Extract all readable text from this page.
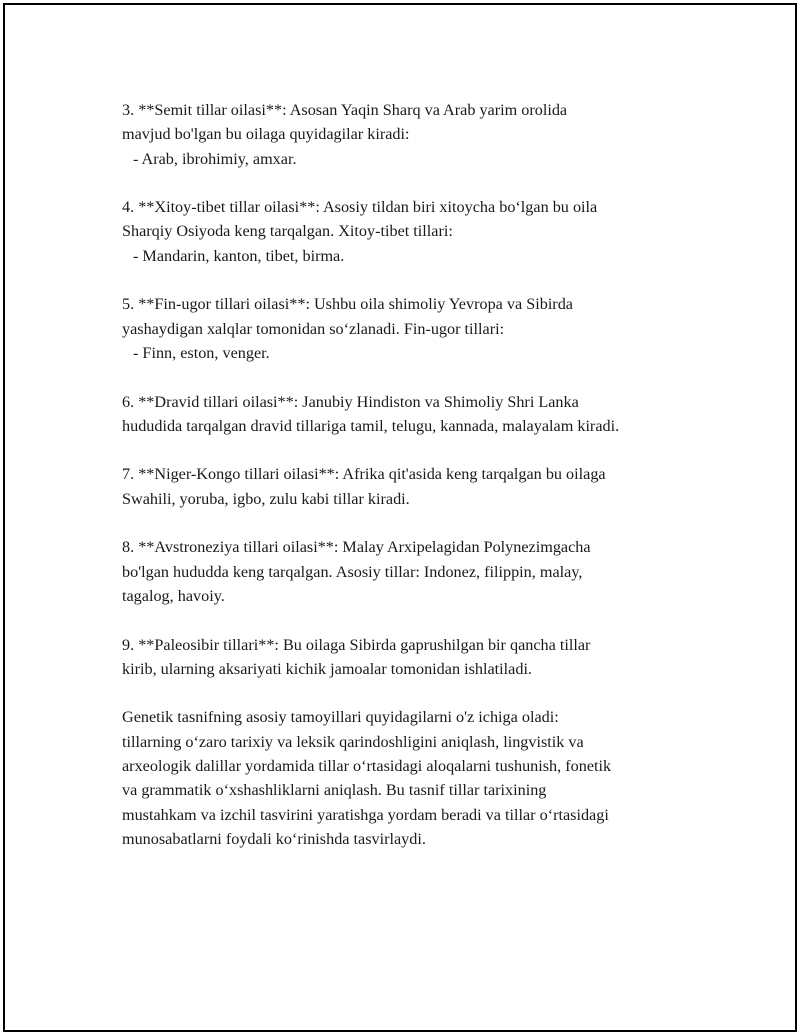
3. **Semit tillar oilasi**: Asosan Yaqin Sharq va Arab yarim orolida
mavjud bo'lgan bu oilaga quyidagilar kiradi:
- Arab, ibrohimiy, amxar.

4. **Xitoy-tibet tillar oilasi**: Asosiy tildan biri xitoycha bo‘lgan bu oila
Sharqiy Osiyoda keng tarqalgan. Xitoy-tibet tillari:
- Mandarin, kanton, tibet, birma.

5. **Fin-ugor tillari oilasi**: Ushbu oila shimoliy Yevropa va Sibirda
yashaydigan xalqlar tomonidan so‘zlanadi. Fin-ugor tillari:
- Finn, eston, venger.

6. **Dravid tillari oilasi**: Janubiy Hindiston va Shimoliy Shri Lanka
hududida tarqalgan dravid tillariga tamil, telugu, kannada, malayalam kiradi.

7. **Niger-Kongo tillari oilasi**: Afrika qit'asida keng tarqalgan bu oilaga
Swahili, yoruba, igbo, zulu kabi tillar kiradi.

8. **Avstroneziya tillari oilasi**: Malay Arxipelagidan Polynezimgacha
bo'lgan hududda keng tarqalgan. Asosiy tillar: Indonez, filippin, malay,
tagalog, havoiy.

9. **Paleosibir tillari**: Bu oilaga Sibirda gaprushilgan bir qancha tillar
kirib, ularning aksariyati kichik jamoalar tomonidan ishlatiladi.

Genetik tasnifning asosiy tamoyillari quyidagilarni o'z ichiga oladi:
tillarning o‘zaro tarixiy va leksik qarindoshligini aniqlash, lingvistik va
arxeologik dalillar yordamida tillar o‘rtasidagi aloqalarni tushunish, fonetik
va grammatik o‘xshashliklarni aniqlash. Bu tasnif tillar tarixining
mustahkam va izchil tasvirini yaratishga yordam beradi va tillar o‘rtasidagi
munosabatlarni foydali ko‘rinishda tasvirlaydi.
